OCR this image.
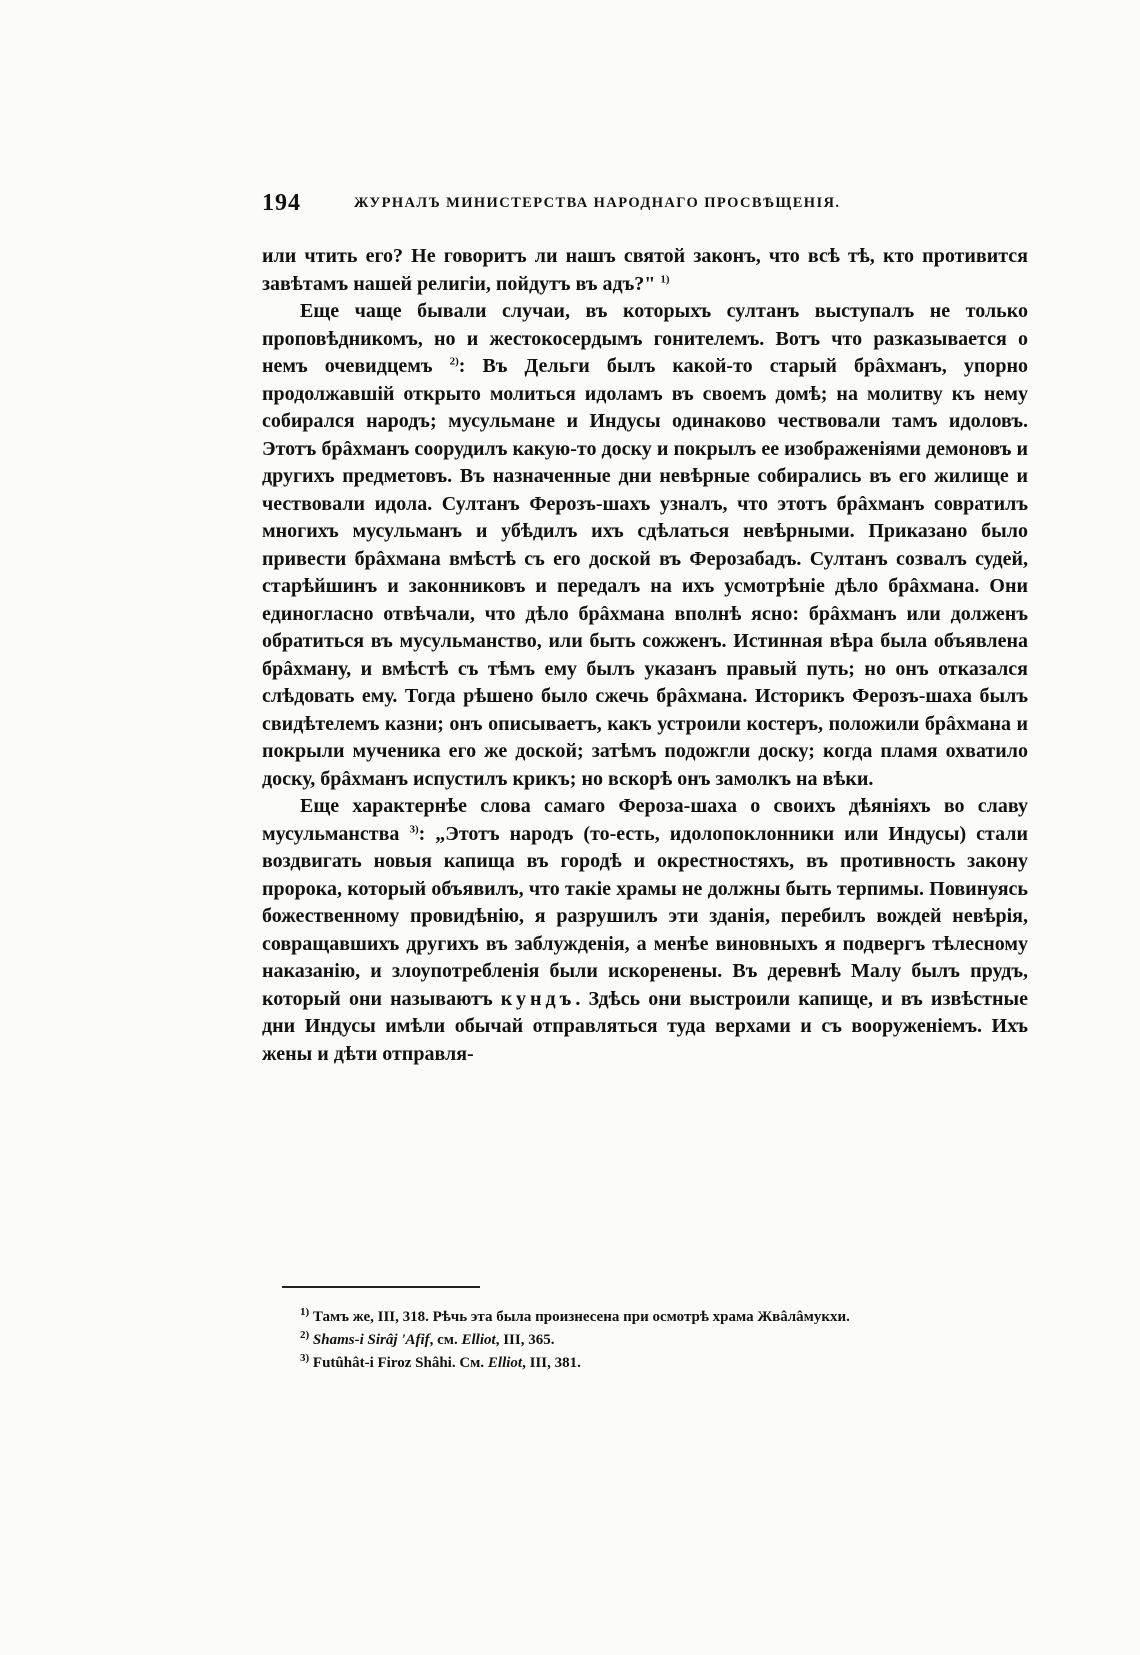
194	ЖУРНАЛЪ МИНИСТЕРСТВА НАРОДНАГО ПРОСВѢЩЕНІЯ.

или чтить его? Не говоритъ ли нашъ святой законъ, что всѣ тѣ, кто противится завѣтамъ нашей религіи, пойдутъ въ адъ?" $^{1)}$

Еще чаще бывали случаи, въ которыхъ султанъ выступалъ не только проповѣдникомъ, но и жестокосердымъ гонителемъ. Вотъ что разказывается о немъ очевидцемъ $^{2)}$: Въ Дельги былъ какой-то старый брâхманъ, упорно продолжавшій открыто молиться идоламъ въ своемъ домѣ; на молитву къ нему собирался народъ; мусульмане и Индусы одинаково чествовали тамъ идоловъ. Этотъ брâхманъ соорудилъ какую-то доску и покрылъ ее изображеніями демоновъ и другихъ предметовъ. Въ назначенные дни невѣрные собирались въ его жилище и чествовали идола. Султанъ Ферозъ-шахъ узналъ, что этотъ брâхманъ совратилъ многихъ мусульманъ и убѣдилъ ихъ сдѣлаться невѣрными. Приказано было привести брâхмана вмѣстѣ съ его доской въ Ферозабадъ. Султанъ созвалъ судей, старѣйшинъ и законниковъ и передалъ на ихъ усмотрѣніе дѣло брâхмана. Они единогласно отвѣчали, что дѣло брâхмана вполнѣ ясно: брâхманъ или долженъ обратиться въ мусульманство, или быть сожженъ. Истинная вѣра была объявлена брâхману, и вмѣстѣ съ тѣмъ ему былъ указанъ правый путь; но онъ отказался слѣдовать ему. Тогда рѣшено было сжечь брâхмана. Историкъ Ферозъ-шаха былъ свидѣтелемъ казни; онъ описываетъ, какъ устроили костеръ, положили брâхмана и покрыли мученика его же доской; затѣмъ подожгли доску; когда пламя охватило доску, брâхманъ испустилъ крикъ; но вскорѣ онъ замолкъ на вѣки.

Еще характернѣе слова самаго Фероза-шаха о своихъ дѣяніяхъ во славу мусульманства $^{3)}$: „Этотъ народъ (то-есть, идолопоклонники или Индусы) стали воздвигать новыя капища въ городѣ и окрестностяхъ, въ противность закону пророка, который объявилъ, что такіе храмы не должны быть терпимы. Повинуясь божественному провидѣнію, я разрушилъ эти зданія, перебилъ вождей невѣрія, совращавшихъ другихъ въ заблужденія, а менѣе виновныхъ я подвергъ тѣлесному наказанію, и злоупотребленія были искоренены. Въ деревнѣ Малу былъ прудъ, который они называютъ кундъ. Здѣсь они выстроили капище, и въ извѣстные дни Индусы имѣли обычай отправляться туда верхами и съ вооруженіемъ. Ихъ жены и дѣти отправля-

$^{1)}$ Тамъ же, III, 318. Рѣчь эта была произнесена при осмотрѣ храма Жвâлâмукхи.

$^{2)}$ Shams-i Sirâj 'Afif, см. Elliot, III, 365.

$^{3)}$ Futûhât-i Firoz Shâhi. См. Elliot, III, 381.
